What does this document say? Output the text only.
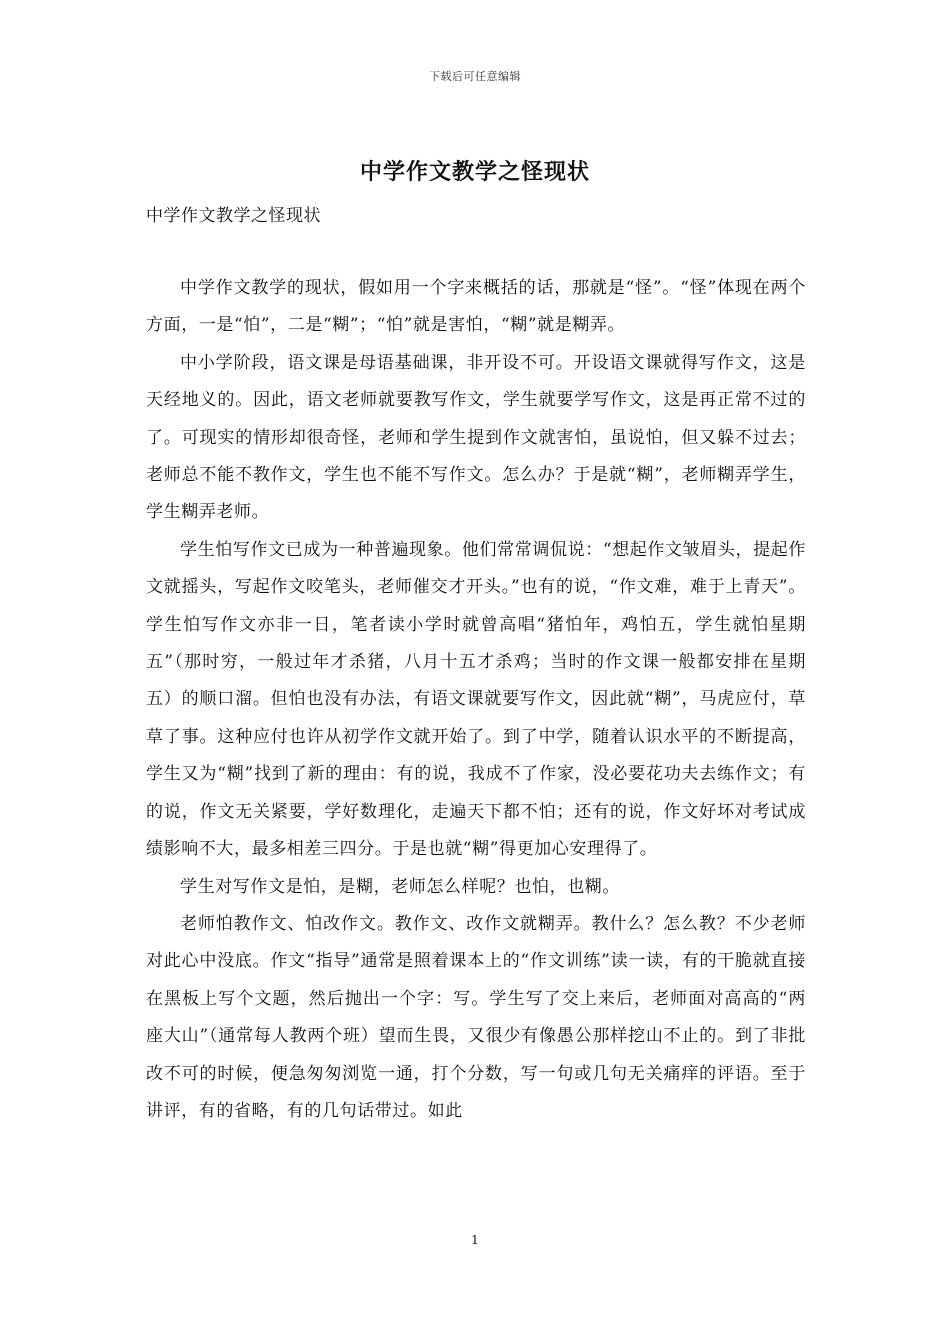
下载后可任意编辑
中学作文教学之怪现状

中学作文教学之怪现状

中学作文教学的现状，假如用一个字来概括的话，那就是“怪”。“怪”体现在两个方面，一是“怕”，二是“糊”；“怕”就是害怕，“糊”就是糊弄。

中小学阶段，语文课是母语基础课，非开设不可。开设语文课就得写作文，这是天经地义的。因此，语文老师就要教写作文，学生就要学写作文，这是再正常不过的了。可现实的情形却很奇怪，老师和学生提到作文就害怕，虽说怕，但又躲不过去；老师总不能不教作文，学生也不能不写作文。怎么办？于是就“糊”，老师糊弄学生，学生糊弄老师。

学生怕写作文已成为一种普遍现象。他们常常调侃说：“想起作文皱眉头，提起作文就摇头，写起作文咬笔头，老师催交才开头。”也有的说，“作文难，难于上青天”。学生怕写作文亦非一日，笔者读小学时就曾高唱“猪怕年，鸡怕五，学生就怕星期五”（那时穷，一般过年才杀猪，八月十五才杀鸡；当时的作文课一般都安排在星期五）的顺口溜。但怕也没有办法，有语文课就要写作文，因此就“糊”，马虎应付，草草了事。这种应付也许从初学作文就开始了。到了中学，随着认识水平的不断提高，学生又为“糊”找到了新的理由：有的说，我成不了作家，没必要花功夫去练作文；有的说，作文无关紧要，学好数理化，走遍天下都不怕；还有的说，作文好坏对考试成绩影响不大，最多相差三四分。于是也就“糊”得更加心安理得了。

学生对写作文是怕，是糊，老师怎么样呢？也怕，也糊。

老师怕教作文、怕改作文。教作文、改作文就糊弄。教什么？怎么教？不少老师对此心中没底。作文“指导”通常是照着课本上的“作文训练”读一读，有的干脆就直接在黑板上写个文题，然后抛出一个字：写。学生写了交上来后，老师面对高高的“两座大山”（通常每人教两个班）望而生畏，又很少有像愚公那样挖山不止的。到了非批改不可的时候，便急匆匆浏览一通，打个分数，写一句或几句无关痛痒的评语。至于讲评，有的省略，有的几句话带过。如此

1
